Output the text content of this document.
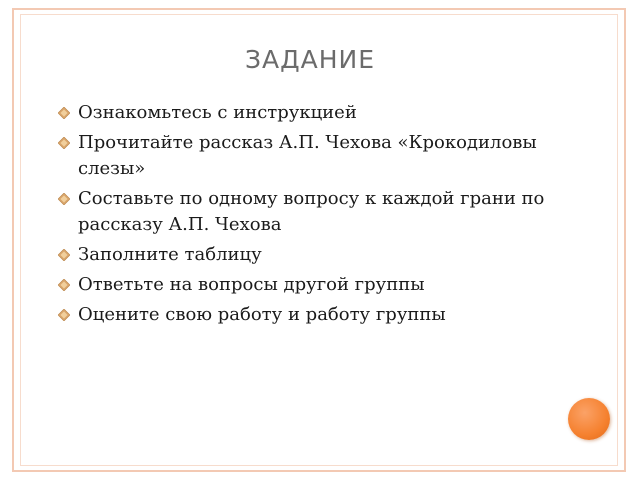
ЗАДАНИЕ
Ознакомьтесь с инструкцией
Прочитайте рассказ А.П. Чехова «Крокодиловы слезы»
Составьте по одному вопросу к каждой грани по рассказу А.П. Чехова
Заполните таблицу
Ответьте на вопросы другой группы
Оцените свою работу и работу группы
